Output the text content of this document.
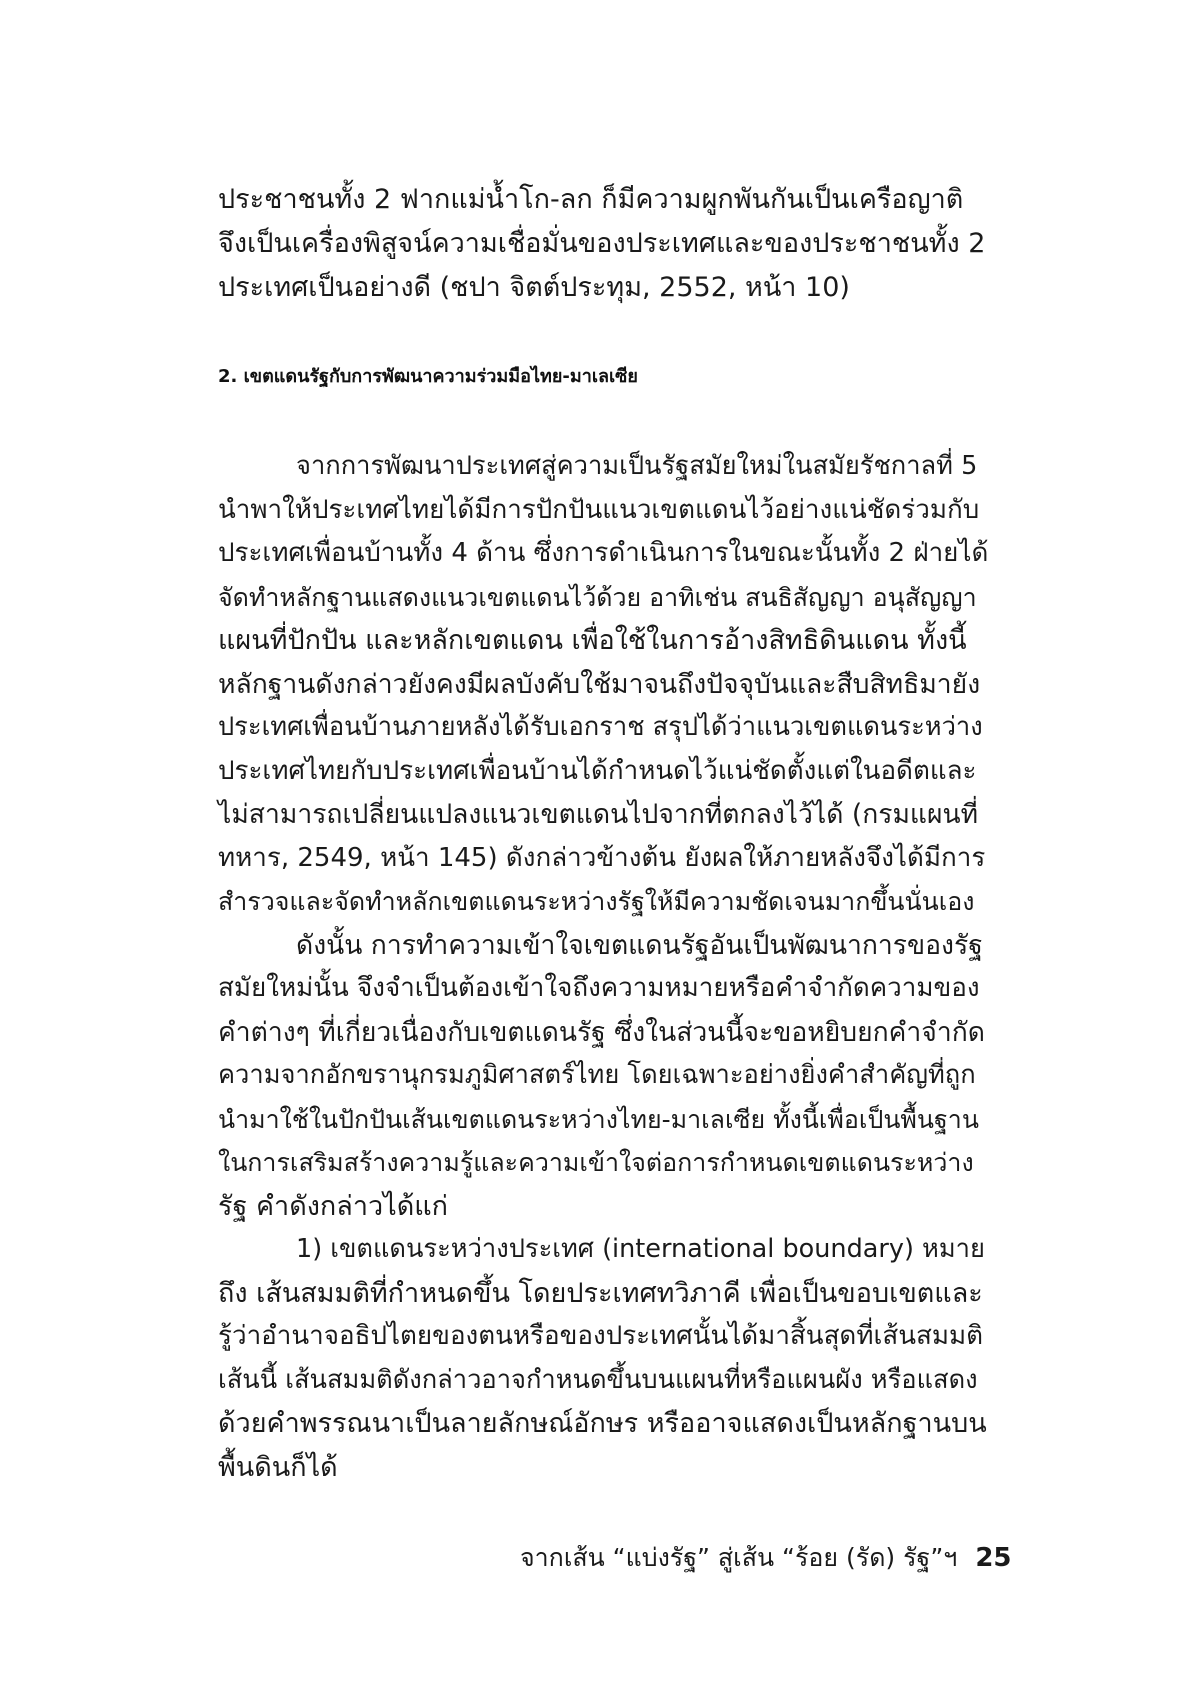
ประชาชนทั้ง 2 ฟากแม่น้ำโก-ลก ก็มีความผูกพันกันเป็นเครือญาติ
จึงเป็นเครื่องพิสูจน์ความเชื่อมั่นของประเทศและของประชาชนทั้ง 2
ประเทศเป็นอย่างดี (ชปา จิตต์ประทุม, 2552, หน้า 10)
2. เขตแดนรัฐกับการพัฒนาความร่วมมือไทย-มาเลเซีย
จากการพัฒนาประเทศสู่ความเป็นรัฐสมัยใหม่ในสมัยรัชกาลที่ 5
นำพาให้ประเทศไทยได้มีการปักปันแนวเขตแดนไว้อย่างแน่ชัดร่วมกับ
ประเทศเพื่อนบ้านทั้ง 4 ด้าน ซึ่งการดำเนินการในขณะนั้นทั้ง 2 ฝ่ายได้
จัดทำหลักฐานแสดงแนวเขตแดนไว้ด้วย อาทิเช่น สนธิสัญญา อนุสัญญา
แผนที่ปักปัน และหลักเขตแดน เพื่อใช้ในการอ้างสิทธิดินแดน ทั้งนี้
หลักฐานดังกล่าวยังคงมีผลบังคับใช้มาจนถึงปัจจุบันและสืบสิทธิมายัง
ประเทศเพื่อนบ้านภายหลังได้รับเอกราช สรุปได้ว่าแนวเขตแดนระหว่าง
ประเทศไทยกับประเทศเพื่อนบ้านได้กำหนดไว้แน่ชัดตั้งแต่ในอดีตและ
ไม่สามารถเปลี่ยนแปลงแนวเขตแดนไปจากที่ตกลงไว้ได้ (กรมแผนที่
ทหาร, 2549, หน้า 145) ดังกล่าวข้างต้น ยังผลให้ภายหลังจึงได้มีการ
สำรวจและจัดทำหลักเขตแดนระหว่างรัฐให้มีความชัดเจนมากขึ้นนั่นเอง
ดังนั้น การทำความเข้าใจเขตแดนรัฐอันเป็นพัฒนาการของรัฐ
สมัยใหม่นั้น จึงจำเป็นต้องเข้าใจถึงความหมายหรือคำจำกัดความของ
คำต่างๆ ที่เกี่ยวเนื่องกับเขตแดนรัฐ ซึ่งในส่วนนี้จะขอหยิบยกคำจำกัด
ความจากอักขรานุกรมภูมิศาสตร์ไทย โดยเฉพาะอย่างยิ่งคำสำคัญที่ถูก
นำมาใช้ในปักปันเส้นเขตแดนระหว่างไทย-มาเลเซีย ทั้งนี้เพื่อเป็นพื้นฐาน
ในการเสริมสร้างความรู้และความเข้าใจต่อการกำหนดเขตแดนระหว่าง
รัฐ คำดังกล่าวได้แก่
1) เขตแดนระหว่างประเทศ (international boundary) หมาย
ถึง เส้นสมมติที่กำหนดขึ้น โดยประเทศทวิภาคี เพื่อเป็นขอบเขตและ
รู้ว่าอำนาจอธิปไตยของตนหรือของประเทศนั้นได้มาสิ้นสุดที่เส้นสมมติ
เส้นนี้ เส้นสมมติดังกล่าวอาจกำหนดขึ้นบนแผนที่หรือแผนผัง หรือแสดง
ด้วยคำพรรณนาเป็นลายลักษณ์อักษร หรืออาจแสดงเป็นหลักฐานบน
พื้นดินก็ได้
จากเส้น “แบ่งรัฐ” สู่เส้น “ร้อย (รัด) รัฐ”ฯ 25
